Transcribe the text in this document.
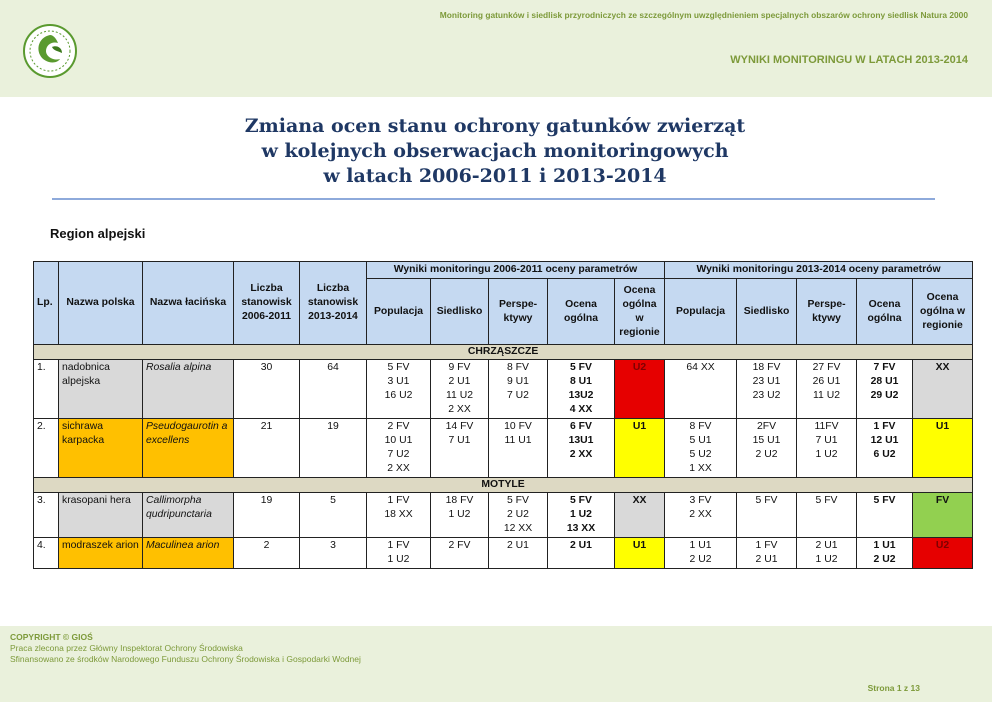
Monitoring gatunków i siedlisk przyrodniczych ze szczególnym uwzględnieniem specjalnych obszarów ochrony siedlisk Natura 2000
WYNIKI MONITORINGU W LATACH 2013-2014
Zmiana ocen stanu ochrony gatunków zwierząt
w kolejnych obserwacjach monitoringowych
w latach 2006-2011 i 2013-2014
Region alpejski
Lp.	Nazwa polska	Nazwa łacińska	Liczba stanowisk 2006-2011	Liczba stanowisk 2013-2014	Wyniki monitoringu 2006-2011 oceny parametrów					Wyniki monitoringu 2013-2014 oceny parametrów				
					Populacja	Siedlisko	Perspe-ktywy	Ocena ogólna	Ocena ogólna w regionie	Populacja	Siedlisko	Perspe-ktywy	Ocena ogólna	Ocena ogólna w regionie
CHRZĄSZCZE														
1.	nadobnica alpejska	Rosalia alpina	30	64	5 FV
3 U1
16 U2	9 FV
2 U1
11 U2
2 XX	8 FV
9 U1
7 U2	5 FV
8 U1
13U2
4 XX	U2	64 XX	18 FV
23 U1
23 U2	27 FV
26 U1
11 U2	7 FV
28 U1
29 U2	XX
2.	sichrawa karpacka	Pseudogaurotin a excellens	21	19	2 FV
10 U1
7 U2
2 XX	14 FV
7 U1	10 FV
11 U1	6 FV
13U1
2 XX	U1	8 FV
5 U1
5 U2
1 XX	2FV
15 U1
2 U2	11FV
7 U1
1 U2	1 FV
12 U1
6 U2	U1
MOTYLE														
3.	krasopani hera	Callimorpha qudripunctaria	19	5	1 FV
18 XX	18 FV
1 U2	5 FV
2 U2
12 XX	5 FV
1 U2
13 XX	XX	3 FV
2 XX	5 FV	5 FV	5 FV	FV
4.	modraszek arion	Maculinea arion	2	3	1 FV
1 U2	2 FV	2 U1	2 U1	U1	1 U1
2 U2	1 FV
2 U1	2 U1
1 U2	1 U1
2 U2	U2
COPYRIGHT © GIOŚ
Praca zlecona przez Główny Inspektorat Ochrony Środowiska
Sfinansowano ze środków Narodowego Funduszu Ochrony Środowiska i Gospodarki Wodnej
Strona 1 z 13
